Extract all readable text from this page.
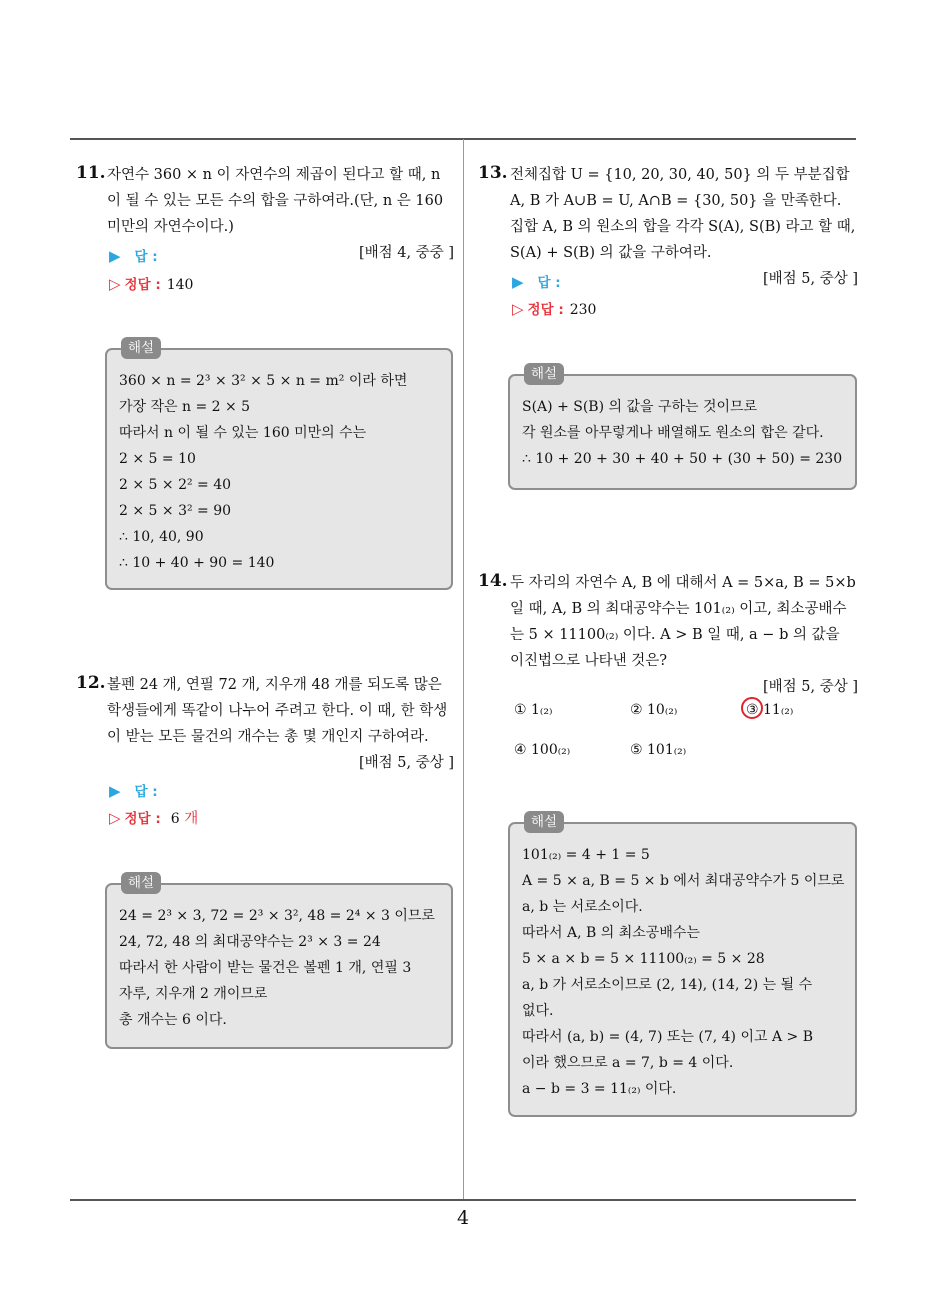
4
11. 자연수 360 × n 이 자연수의 제곱이 된다고 할 때, n 이 될 수 있는 모든 수의 합을 구하여라.(단, n 은 160 미만의 자연수이다.)
[배점 4, 중중 ]
▶ 답 :
▷ 정답 : 140
해설
360 × n = 2³ × 3² × 5 × n = m² 이라 하면
가장 작은 n = 2 × 5
따라서 n 이 될 수 있는 160 미만의 수는
2 × 5 = 10
2 × 5 × 2² = 40
2 × 5 × 3² = 90
∴ 10, 40, 90
∴ 10 + 40 + 90 = 140
12. 볼펜 24 개, 연필 72 개, 지우개 48 개를 되도록 많은 학생들에게 똑같이 나누어 주려고 한다. 이 때, 한 학생이 받는 모든 물건의 개수는 총 몇 개인지 구하여라.
[배점 5, 중상 ]
▶ 답 :
▷ 정답 : 6 개
해설
24 = 2³ × 3, 72 = 2³ × 3², 48 = 2⁴ × 3 이므로
24, 72, 48 의 최대공약수는 2³ × 3 = 24
따라서 한 사람이 받는 물건은 볼펜 1 개, 연필 3
자루, 지우개 2 개이므로
총 개수는 6 이다.
13. 전체집합 U = {10, 20, 30, 40, 50} 의 두 부분집합 A, B 가 A∪B = U, A∩B = {30, 50} 을 만족한다. 집합 A, B 의 원소의 합을 각각 S(A), S(B) 라고 할 때, S(A) + S(B) 의 값을 구하여라.
[배점 5, 중상 ]
▶ 답 :
▷ 정답 : 230
해설
S(A) + S(B) 의 값을 구하는 것이므로
각 원소를 아무렇게나 배열해도 원소의 합은 같다.
∴ 10 + 20 + 30 + 40 + 50 + (30 + 50) = 230
14. 두 자리의 자연수 A, B 에 대해서 A = 5×a, B = 5×b 일 때, A, B 의 최대공약수는 101₍₂₎ 이고, 최소공배수는 5 × 11100₍₂₎ 이다. A > B 일 때, a − b 의 값을 이진법으로 나타낸 것은?
[배점 5, 중상 ]
① 1₍₂₎	② 10₍₂₎	③ 11₍₂₎
④ 100₍₂₎	⑤ 101₍₂₎
해설
101₍₂₎ = 4 + 1 = 5
A = 5 × a, B = 5 × b 에서 최대공약수가 5 이므로
a, b 는 서로소이다.
따라서 A, B 의 최소공배수는
5 × a × b = 5 × 11100₍₂₎ = 5 × 28
a, b 가 서로소이므로 (2, 14), (14, 2) 는 될 수
없다.
따라서 (a, b) = (4, 7) 또는 (7, 4) 이고 A > B
이라 했으므로 a = 7, b = 4 이다.
a − b = 3 = 11₍₂₎ 이다.
